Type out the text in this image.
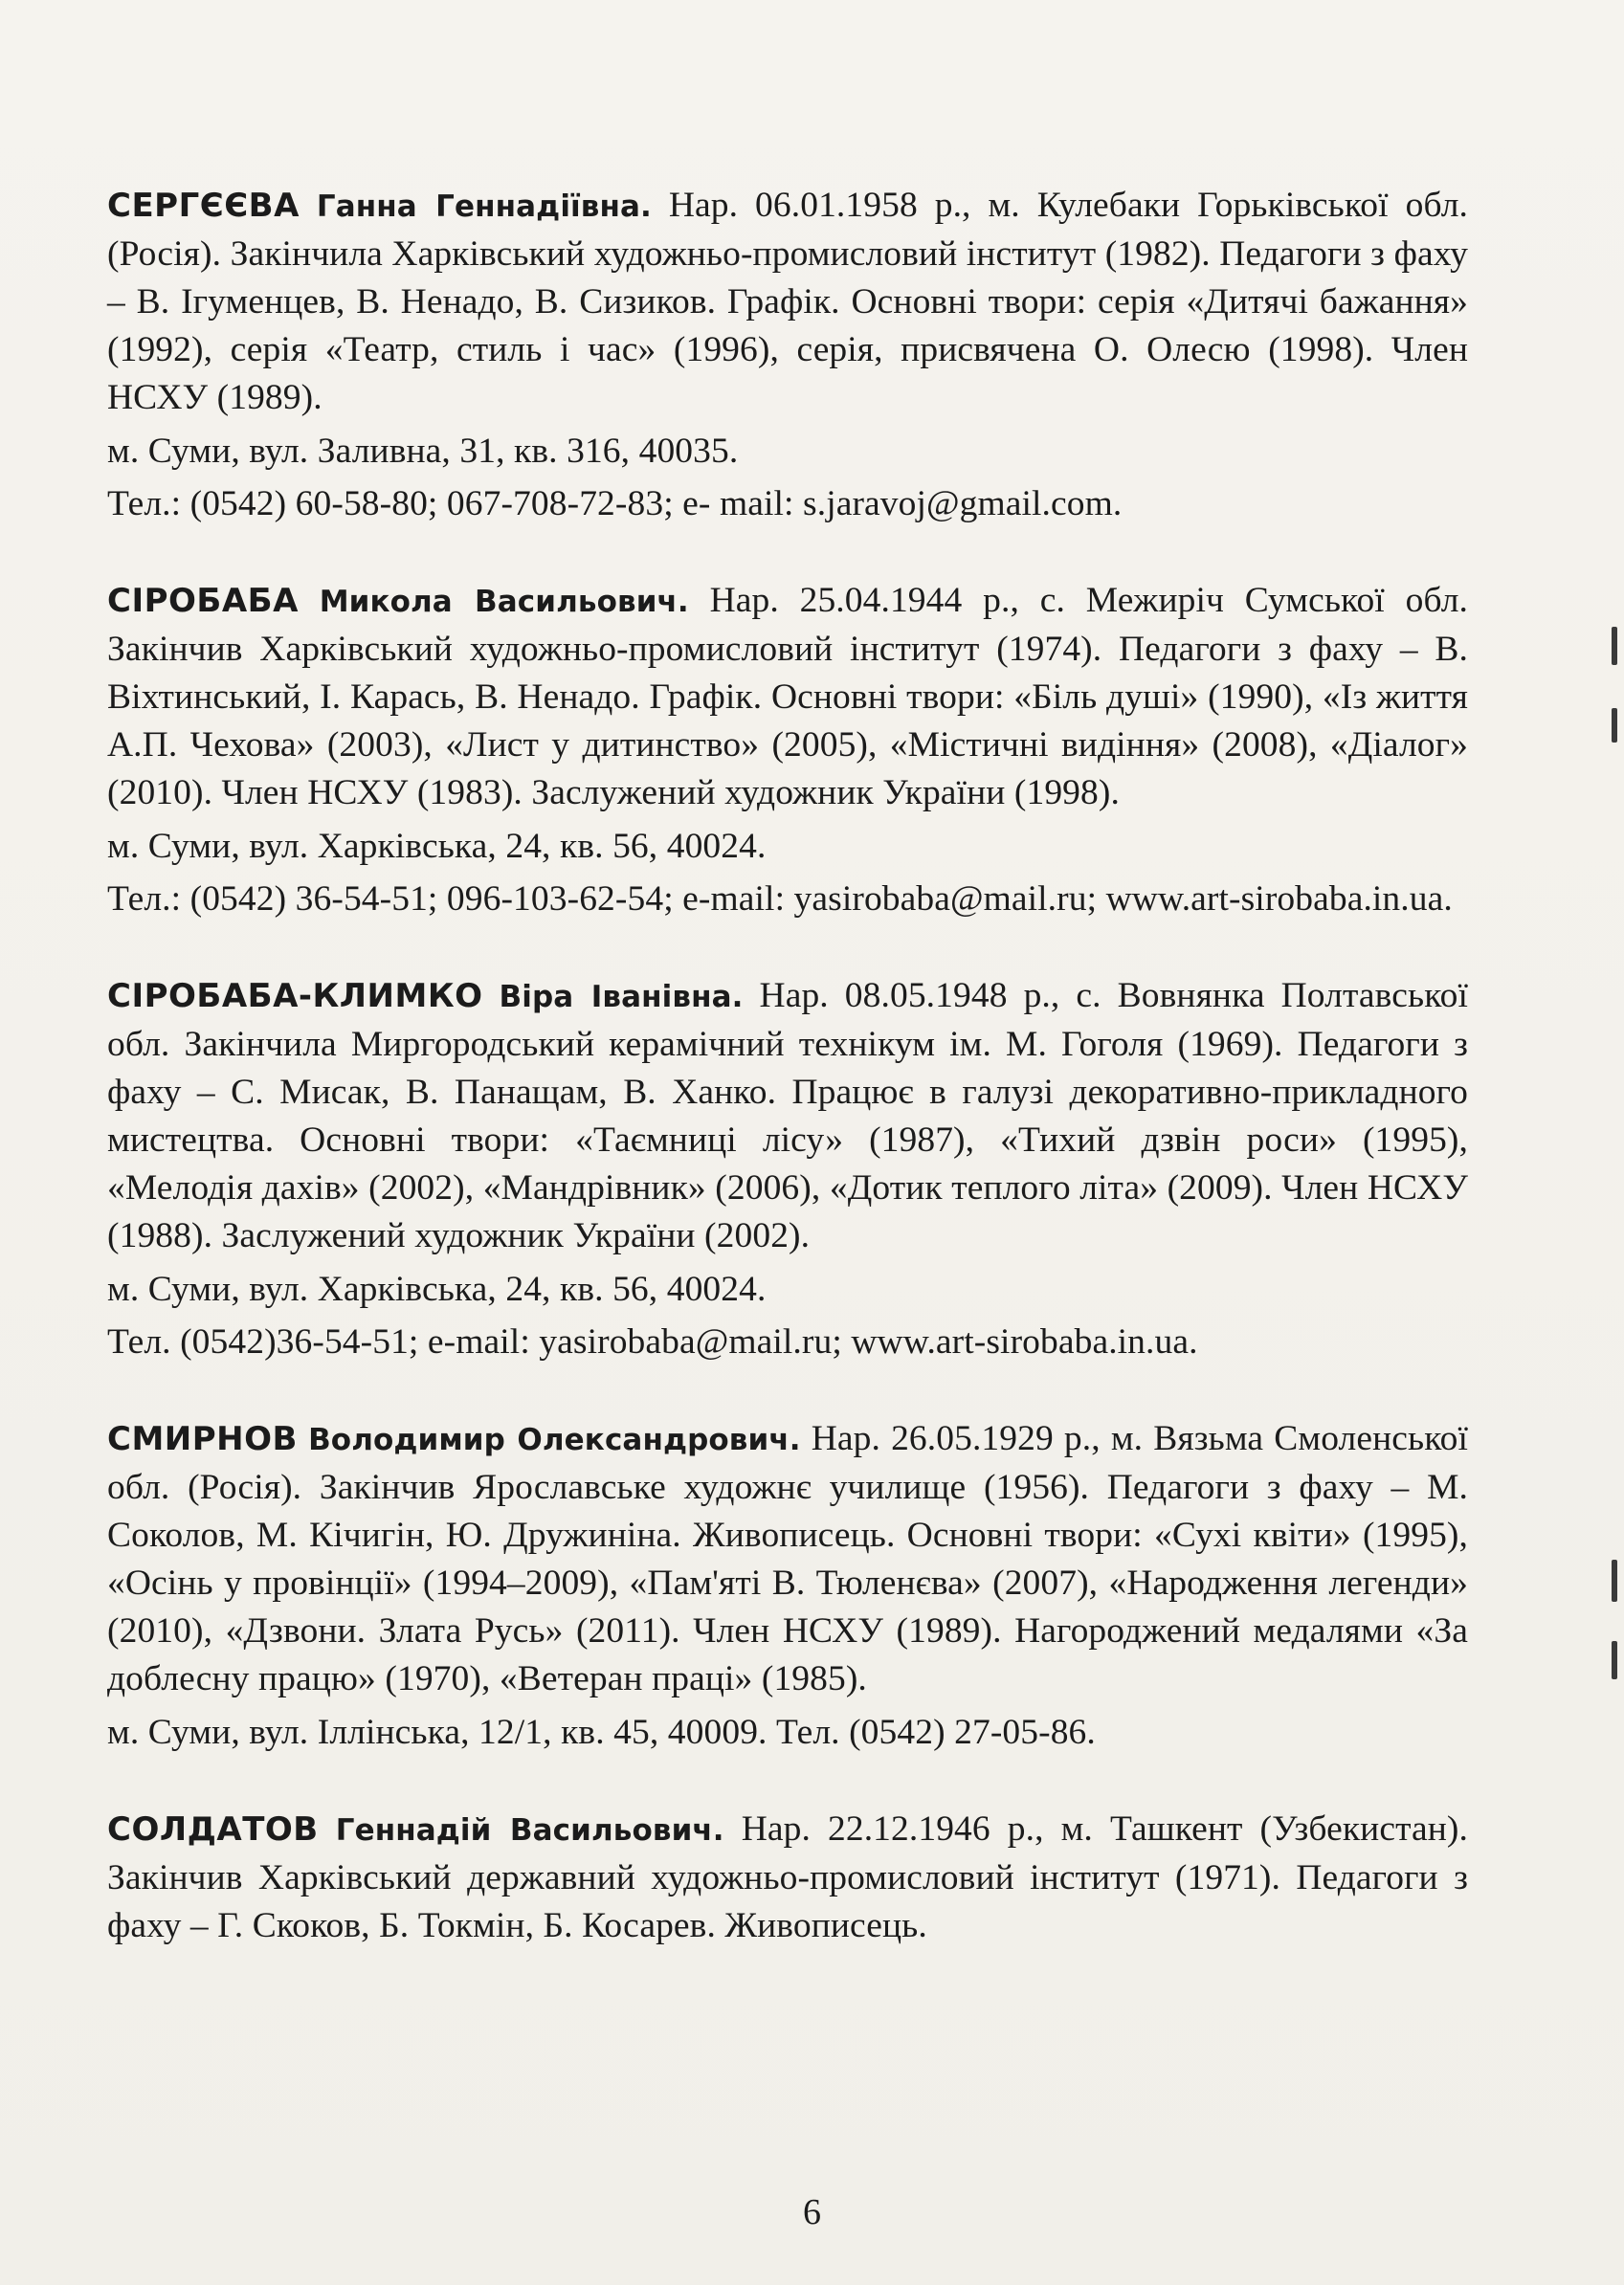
СЕРГЄЄВА Ганна Геннадіївна. Нар. 06.01.1958 р., м. Кулебаки Горьківської обл. (Росія). Закінчила Харківський художньо-промисловий інститут (1982). Педагоги з фаху – В. Ігуменцев, В. Ненадо, В. Сизиков. Графік. Основні твори: серія «Дитячі бажання» (1992), серія «Театр, стиль і час» (1996), серія, присвячена О. Олесю (1998). Член НСХУ (1989).

м. Суми, вул. Заливна, 31, кв. 316, 40035.

Тел.: (0542) 60-58-80; 067-708-72-83; e- mail: s.jaravoj@gmail.com.

СІРОБАБА Микола Васильович. Нар. 25.04.1944 р., с. Межиріч Сумської обл. Закінчив Харківський художньо-промисловий інститут (1974). Педагоги з фаху – В. Віхтинський, І. Карась, В. Ненадо. Графік. Основні твори: «Біль душі» (1990), «Із життя А.П. Чехова» (2003), «Лист у дитинство» (2005), «Містичні видіння» (2008), «Діалог» (2010). Член НСХУ (1983). Заслужений художник України (1998).

м. Суми, вул. Харківська, 24, кв. 56, 40024.

Тел.: (0542) 36-54-51; 096-103-62-54; e-mail: yasirobaba@mail.ru; www.art-sirobaba.in.ua.

СІРОБАБА-КЛИМКО Віра Іванівна. Нар. 08.05.1948 р., с. Вовнянка Полтавської обл. Закінчила Миргородський керамічний технікум ім. М. Гоголя (1969). Педагоги з фаху – С. Мисак, В. Панащам, В. Ханко. Працює в галузі декоративно-прикладного мистецтва. Основні твори: «Таємниці лісу» (1987), «Тихий дзвін роси» (1995), «Мелодія дахів» (2002), «Мандрівник» (2006), «Дотик теплого літа» (2009). Член НСХУ (1988). Заслужений художник України (2002).

м. Суми, вул. Харківська, 24, кв. 56, 40024.

Тел. (0542)36-54-51; e-mail: yasirobaba@mail.ru; www.art-sirobaba.in.ua.

СМИРНОВ Володимир Олександрович. Нар. 26.05.1929 р., м. Вязьма Смоленської обл. (Росія). Закінчив Ярославське художнє училище (1956). Педагоги з фаху – М. Соколов, М. Кічигін, Ю. Дружиніна. Живописець. Основні твори: «Сухі квіти» (1995), «Осінь у провінції» (1994–2009), «Пам'яті В. Тюленєва» (2007), «Народження легенди» (2010), «Дзвони. Злата Русь» (2011). Член НСХУ (1989). Нагороджений медалями «За доблесну працю» (1970), «Ветеран праці» (1985).

м. Суми, вул. Іллінська, 12/1, кв. 45, 40009. Тел. (0542) 27-05-86.

СОЛДАТОВ Геннадій Васильович. Нар. 22.12.1946 р., м. Ташкент (Узбекистан). Закінчив Харківський державний художньо-промисловий інститут (1971). Педагоги з фаху – Г. Скоков, Б. Токмін, Б. Косарев. Живописець.

6
